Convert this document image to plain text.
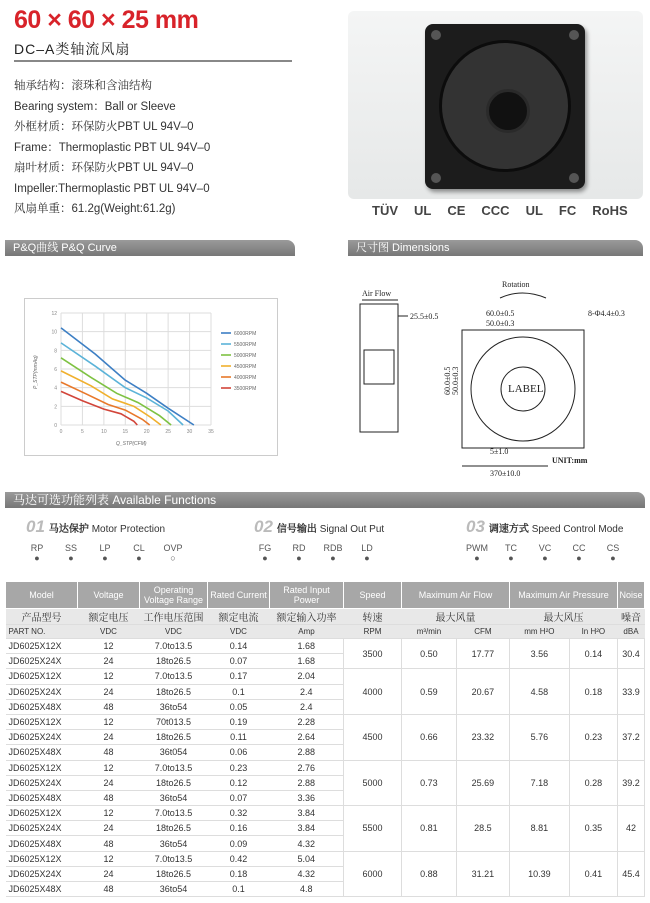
60 × 60 × 25 mm
DC–A类轴流风扇
轴承结构：滚珠和含油结构
Bearing system：Ball or Sleeve
外框材质：环保防火PBT UL 94V–0
Frame：Thermoplastic PBT UL 94V–0
扇叶材质：环保防火PBT UL 94V–0
Impeller:Thermoplastic PBT UL 94V–0
风扇单重：61.2g(Weight:61.2g)	TÜV UL CE CCC UL FC RoHS
P&Q曲线 P&Q Curve	尺寸图 Dimensions
0
2
4
6
8
10
12
0	5	10	15	20	25	30	35
6000RPM
5500RPM
5000RPM
4500RPM
4000RPM
3500RPM
Q_STP(CFM)
P_STP(mmAq)
Air Flow
25.5±0.5
Rotation
60.0±0.5
50.0±0.3
8-Φ4.4±0.3
LABEL
60.0±0.5 50.0±0.3
5±1.0
UNIT:mm
370±10.0
马达可选功能列表 Available Functions
01 马达保护 Motor Protection
RP
●
SS
●
LP
●
CL
●
OVP
○
02 信号输出 Signal Out Put
FG
●
RD
●
RDB
●
LD
●
03 调速方式 Speed Control Mode
PWM
●
TC
●
VC
●
CC
●
CS
●
Model	Voltage	Operating Voltage Range	Rated Current	Rated Input Power	Speed	Maximum Air Flow		Maximum Air Pressure		Noise
产品型号	额定电压	工作电压范围	额定电流	额定输入功率	转速	最大风量		最大风压		噪音
PART NO.	VDC	VDC	VDC	Amp	RPM	m³/min	CFM	mm H²O	In H²O	dBA
JD6025X12X	12	7.0to13.5	0.14	1.68	3500	0.50	17.77	3.56	0.14	30.4
JD6025X24X	24	18to26.5	0.07	1.68						
JD6025X12X	12	7.0to13.5	0.17	2.04	4000	0.59	20.67	4.58	0.18	33.9
JD6025X24X	24	18to26.5	0.1	2.4						
JD6025X48X	48	36to54	0.05	2.4						
JD6025X12X	12	70t013.5	0.19	2.28	4500	0.66	23.32	5.76	0.23	37.2
JD6025X24X	24	18to26.5	0.11	2.64						
JD6025X48X	48	36t054	0.06	2.88						
JD6025X12X	12	7.0to13.5	0.23	2.76	5000	0.73	25.69	7.18	0.28	39.2
JD6025X24X	24	18to26.5	0.12	2.88						
JD6025X48X	48	36to54	0.07	3.36						
JD6025X12X	12	7.0to13.5	0.32	3.84	5500	0.81	28.5	8.81	0.35	42
JD6025X24X	24	18to26.5	0.16	3.84						
JD6025X48X	48	36to54	0.09	4.32						
JD6025X12X	12	7.0to13.5	0.42	5.04	6000	0.88	31.21	10.39	0.41	45.4
JD6025X24X	24	18to26.5	0.18	4.32						
JD6025X48X	48	36to54	0.1	4.8						
